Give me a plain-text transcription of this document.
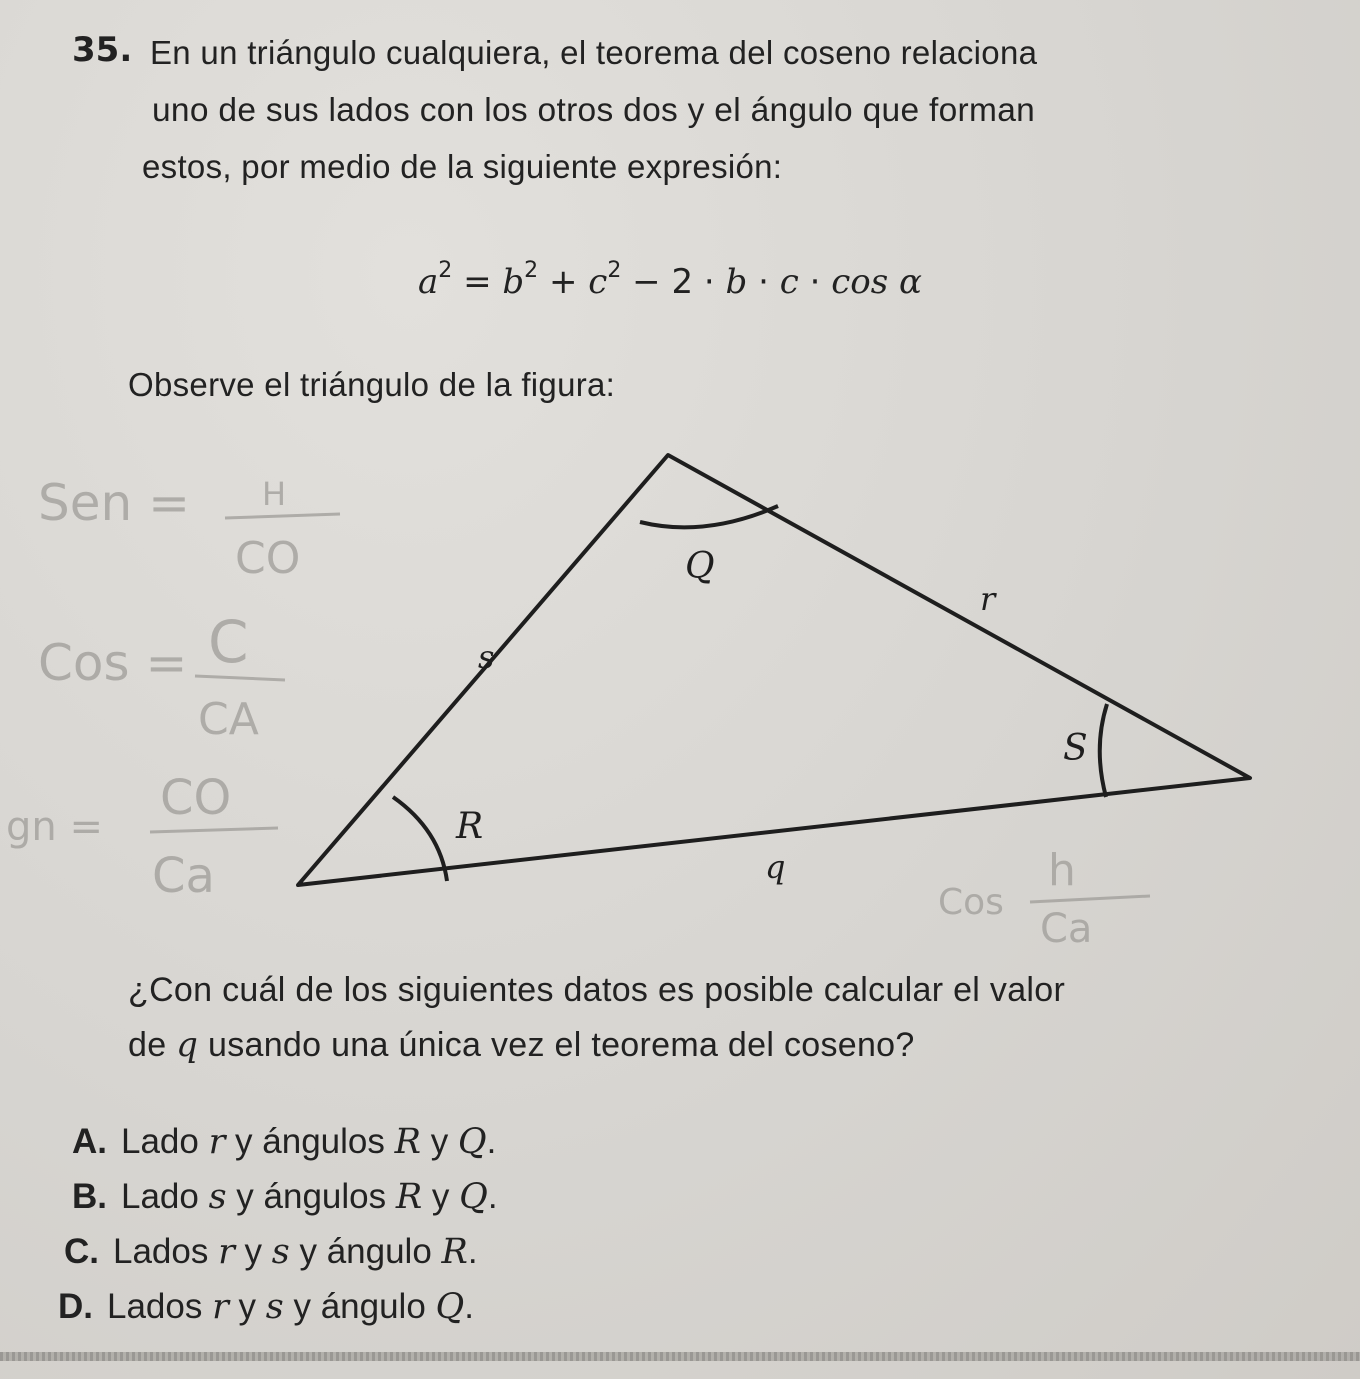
35. En un triángulo cualquiera, el teorema del coseno relaciona
uno de sus lados con los otros dos y el ángulo que forman
estos, por medio de la siguiente expresión:
$a^2 = b^2 + c^2 - 2 \cdot b \cdot c \cdot \cos \alpha$
Observe el triángulo de la figura:
Q
R
S
s
r
q
Sen = H
CO
Cos = C
CA
gn =
CO
Ca	Cos
h
Ca
¿Con cuál de los siguientes datos es posible calcular el valor
de q usando una única vez el teorema del coseno?
A. Lado r y ángulos R y Q.
B. Lado s y ángulos R y Q.
C. Lados r y s y ángulo R.
D. Lados r y s y ángulo Q.
